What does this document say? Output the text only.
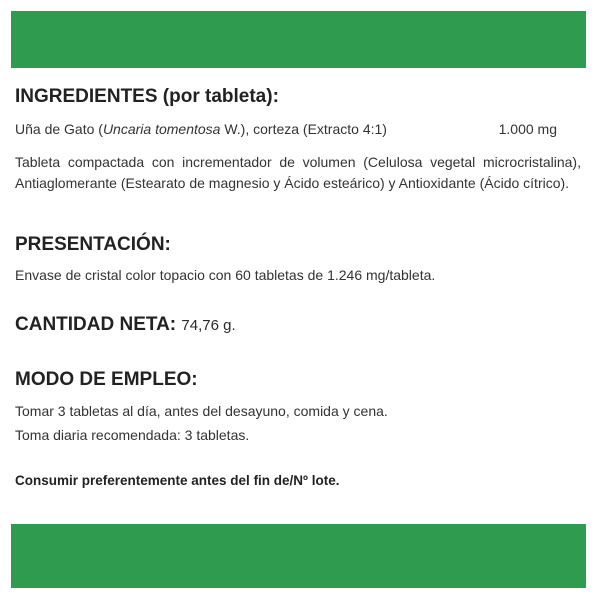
INGREDIENTES (por tableta):
Uña de Gato (Uncaria tomentosa W.), corteza (Extracto 4:1)	1.000 mg
Tableta compactada con incrementador de volumen (Celulosa vegetal microcristalina), Antiaglomerante (Estearato de magnesio y Ácido esteárico) y Antioxidante (Ácido cítrico).
PRESENTACIÓN:
Envase de cristal color topacio con 60 tabletas de 1.246 mg/tableta.
CANTIDAD NETA: 74,76 g.
MODO DE EMPLEO:
Tomar 3 tabletas al día, antes del desayuno, comida y cena.
Toma diaria recomendada: 3 tabletas.
Consumir preferentemente antes del fin de/Nº lote.
